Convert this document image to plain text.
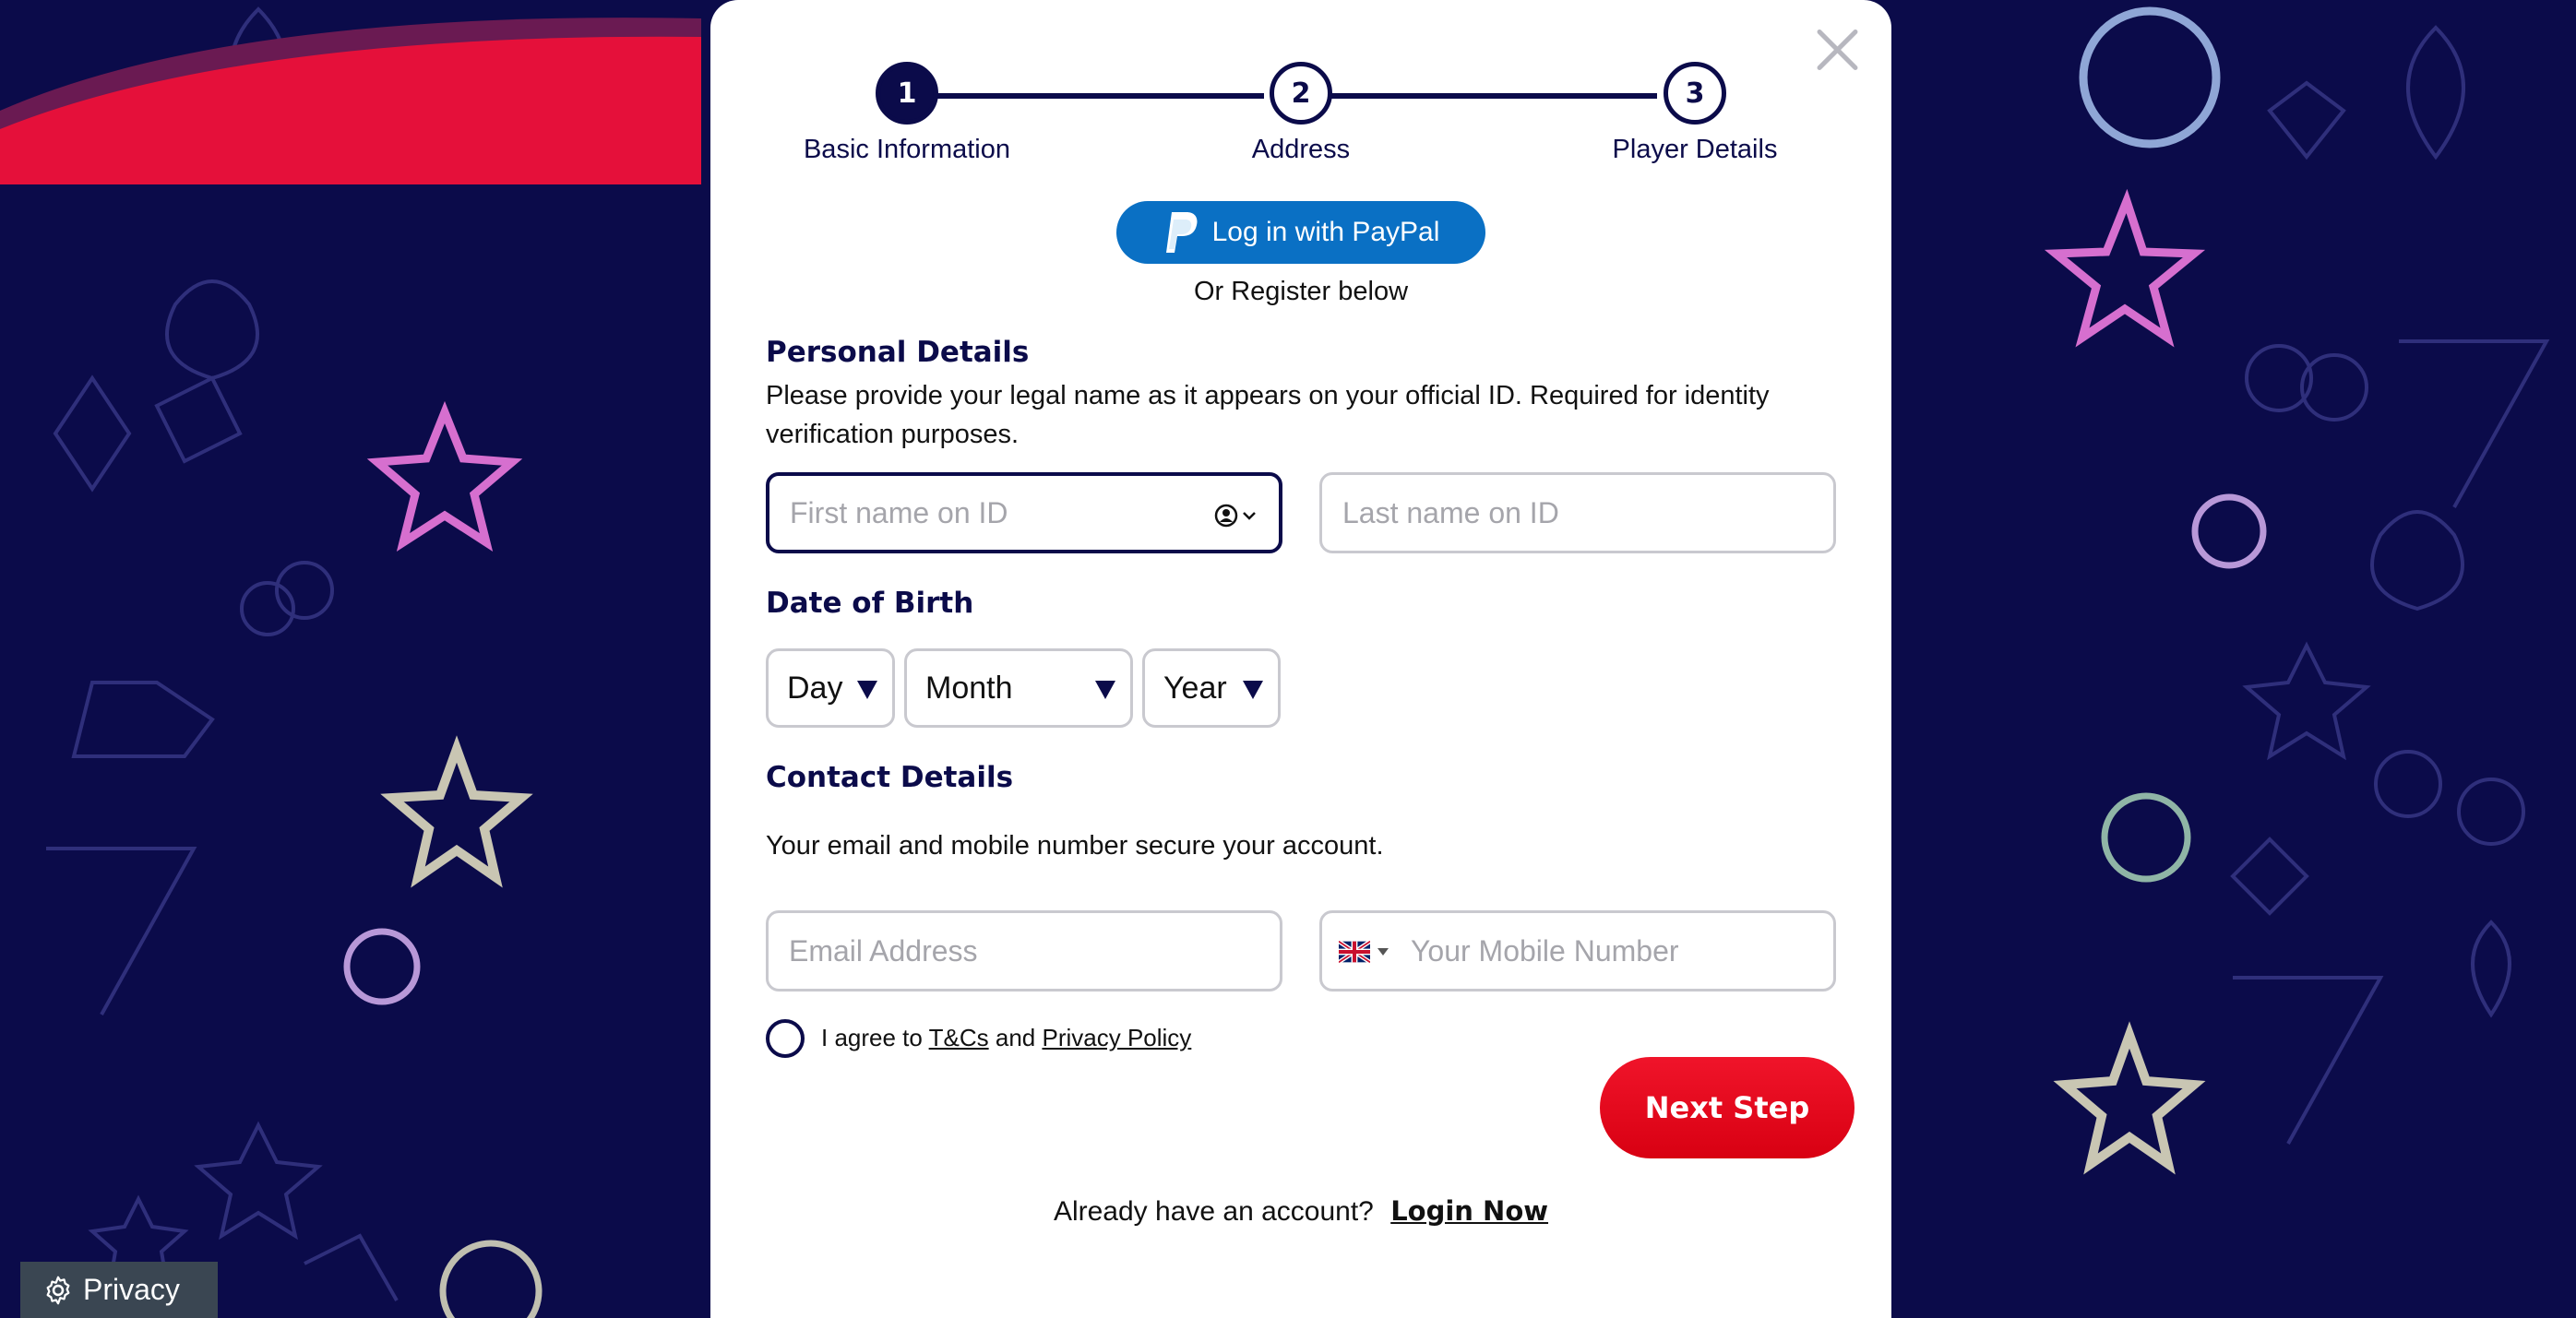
1	2	3
Basic Information	Address	Player Details
Log in with PayPal
Or Register below
Personal Details
Please provide your legal name as it appears on your official ID. Required for identity verification purposes.
First name on ID
Last name on ID
Date of Birth
Day	Month	Year
Contact Details
Your email and mobile number secure your account.
Email Address
Your Mobile Number
I agree to T&Cs and Privacy Policy
Next Step
Already have an account? Login Now
Privacy
